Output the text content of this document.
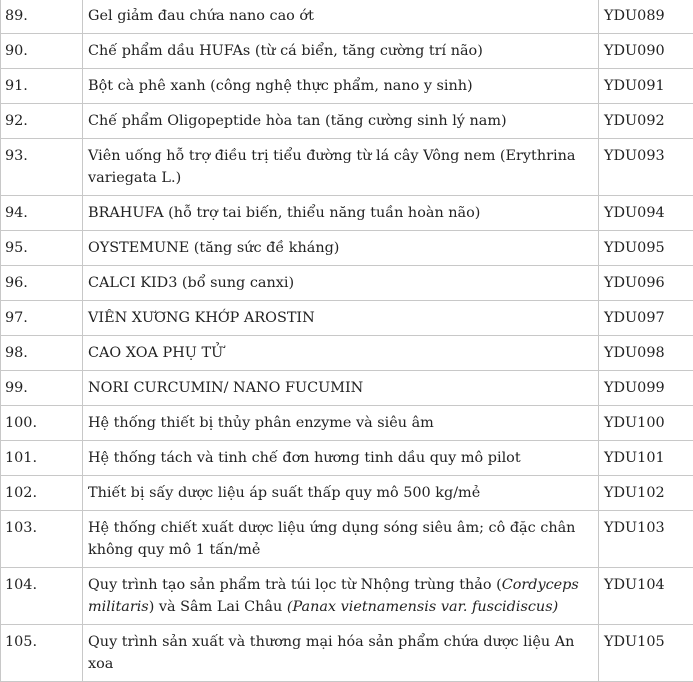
89.	Gel giảm đau chứa nano cao ớt	YDU089
90.	Chế phẩm dầu HUFAs (từ cá biển, tăng cường trí não)	YDU090
91.	Bột cà phê xanh (công nghệ thực phẩm, nano y sinh)	YDU091
92.	Chế phẩm Oligopeptide hòa tan (tăng cường sinh lý nam)	YDU092
93.	Viên uống hỗ trợ điều trị tiểu đường từ lá cây Vông nem (Erythrina variegata L.)	YDU093
94.	BRAHUFA (hỗ trợ tai biến, thiểu năng tuần hoàn não)	YDU094
95.	OYSTEMUNE (tăng sức đề kháng)	YDU095
96.	CALCI KID3 (bổ sung canxi)	YDU096
97.	VIÊN XƯƠNG KHỚP AROSTIN	YDU097
98.	CAO XOA PHỤ TỬ	YDU098
99.	NORI CURCUMIN/ NANO FUCUMIN	YDU099
100.	Hệ thống thiết bị thủy phân enzyme và siêu âm	YDU100
101.	Hệ thống tách và tinh chế đơn hương tinh dầu quy mô pilot	YDU101
102.	Thiết bị sấy dược liệu áp suất thấp quy mô 500 kg/mẻ	YDU102
103.	Hệ thống chiết xuất dược liệu ứng dụng sóng siêu âm; cô đặc chân không quy mô 1 tấn/mẻ	YDU103
104.	Quy trình tạo sản phẩm trà túi lọc từ Nhộng trùng thảo (Cordyceps militaris) và Sâm Lai Châu (Panax vietnamensis var. fuscidiscus)	YDU104
105.	Quy trình sản xuất và thương mại hóa sản phẩm chứa dược liệu An xoa	YDU105
